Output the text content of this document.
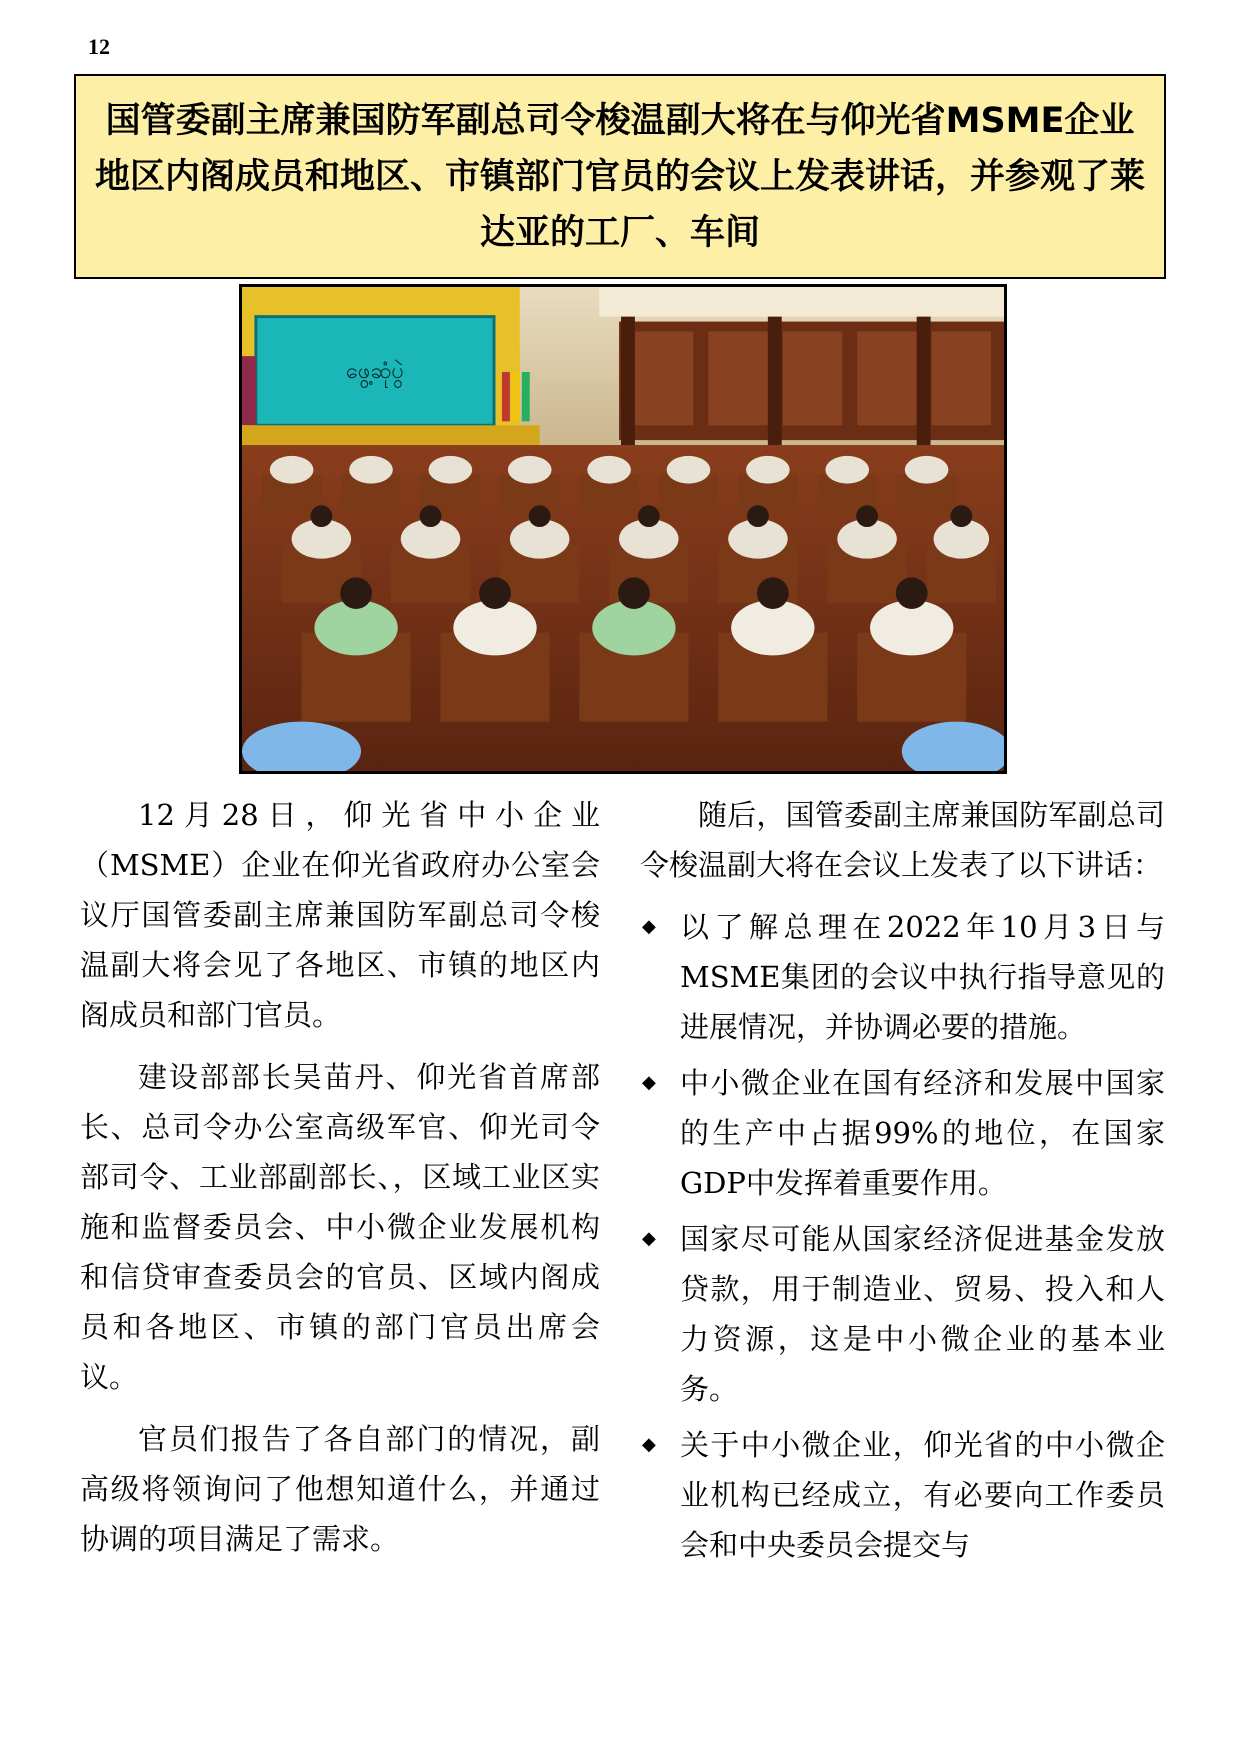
12
国管委副主席兼国防军副总司令梭温副大将在与仰光省MSME企业地区内阁成员和地区、市镇部门官员的会议上发表讲话，并参观了莱达亚的工厂、车间
ဖွေ့ဆုံပွဲ

12月28日，仰光省中小企业（MSME）企业在仰光省政府办公室会议厅国管委副主席兼国防军副总司令梭温副大将会见了各地区、市镇的地区内阁成员和部门官员。

建设部部长吴苗丹、仰光省首席部长、总司令办公室高级军官、仰光司令部司令、工业部副部长、，区域工业区实施和监督委员会、中小微企业发展机构和信贷审查委员会的官员、区域内阁成员和各地区、市镇的部门官员出席会议。

官员们报告了各自部门的情况，副高级将领询问了他想知道什么，并通过协调的项目满足了需求。

随后，国管委副主席兼国防军副总司令梭温副大将在会议上发表了以下讲话：

◆ 以了解总理在2022年10月3日与MSME集团的会议中执行指导意见的进展情况，并协调必要的措施。
◆ 中小微企业在国有经济和发展中国家的生产中占据99%的地位，在国家GDP中发挥着重要作用。
◆ 国家尽可能从国家经济促进基金发放贷款，用于制造业、贸易、投入和人力资源，这是中小微企业的基本业务。
◆ 关于中小微企业，仰光省的中小微企业机构已经成立，有必要向工作委员会和中央委员会提交与
